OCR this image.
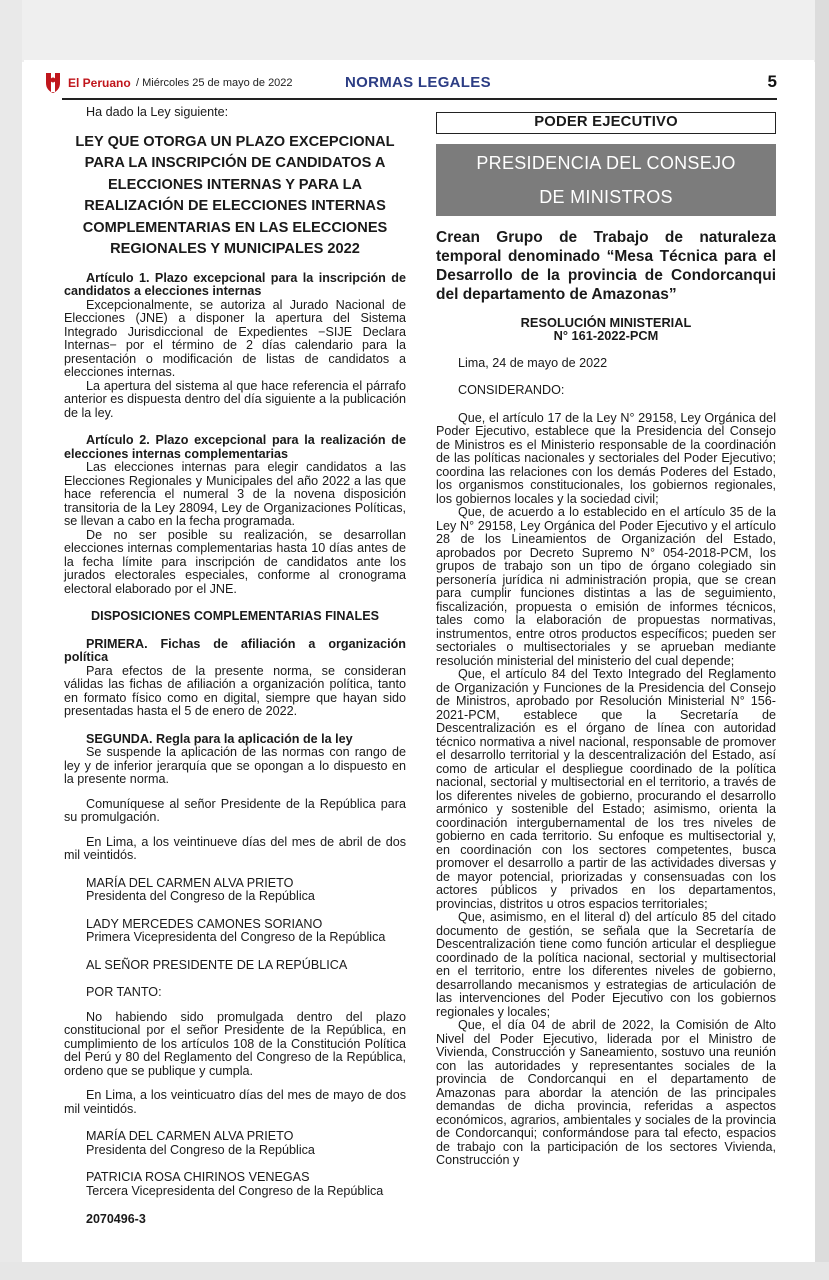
El Peruano / Miércoles 25 de mayo de 2022	NORMAS LEGALES	5

Ha dado la Ley siguiente:

LEY QUE OTORGA UN PLAZO EXCEPCIONAL PARA LA INSCRIPCIÓN DE CANDIDATOS A ELECCIONES INTERNAS Y PARA LA REALIZACIÓN DE ELECCIONES INTERNAS COMPLEMENTARIAS EN LAS ELECCIONES REGIONALES Y MUNICIPALES 2022

Artículo 1. Plazo excepcional para la inscripción de candidatos a elecciones internas

Excepcionalmente, se autoriza al Jurado Nacional de Elecciones (JNE) a disponer la apertura del Sistema Integrado Jurisdiccional de Expedientes −SIJE Declara Internas− por el término de 2 días calendario para la presentación o modificación de listas de candidatos a elecciones internas.

La apertura del sistema al que hace referencia el párrafo anterior es dispuesta dentro del día siguiente a la publicación de la ley.

Artículo 2. Plazo excepcional para la realización de elecciones internas complementarias

Las elecciones internas para elegir candidatos a las Elecciones Regionales y Municipales del año 2022 a las que hace referencia el numeral 3 de la novena disposición transitoria de la Ley 28094, Ley de Organizaciones Políticas, se llevan a cabo en la fecha programada.

De no ser posible su realización, se desarrollan elecciones internas complementarias hasta 10 días antes de la fecha límite para inscripción de candidatos ante los jurados electorales especiales, conforme al cronograma electoral elaborado por el JNE.

DISPOSICIONES COMPLEMENTARIAS FINALES

PRIMERA. Fichas de afiliación a organización política

Para efectos de la presente norma, se consideran válidas las fichas de afiliación a organización política, tanto en formato físico como en digital, siempre que hayan sido presentadas hasta el 5 de enero de 2022.

SEGUNDA. Regla para la aplicación de la ley

Se suspende la aplicación de las normas con rango de ley y de inferior jerarquía que se opongan a lo dispuesto en la presente norma.

Comuníquese al señor Presidente de la República para su promulgación.

En Lima, a los veintinueve días del mes de abril de dos mil veintidós.

MARÍA DEL CARMEN ALVA PRIETO

Presidenta del Congreso de la República

LADY MERCEDES CAMONES SORIANO

Primera Vicepresidenta del Congreso de la República

AL SEÑOR PRESIDENTE DE LA REPÚBLICA

POR TANTO:

No habiendo sido promulgada dentro del plazo constitucional por el señor Presidente de la República, en cumplimiento de los artículos 108 de la Constitución Política del Perú y 80 del Reglamento del Congreso de la República, ordeno que se publique y cumpla.

En Lima, a los veinticuatro días del mes de mayo de dos mil veintidós.

MARÍA DEL CARMEN ALVA PRIETO

Presidenta del Congreso de la República

PATRICIA ROSA CHIRINOS VENEGAS

Tercera Vicepresidenta del Congreso de la República

2070496-3

PODER EJECUTIVO
PRESIDENCIA DEL CONSEJO
DE MINISTROS

Crean Grupo de Trabajo de naturaleza temporal denominado “Mesa Técnica para el Desarrollo de la provincia de Condorcanqui del departamento de Amazonas”

RESOLUCIÓN MINISTERIAL

N° 161-2022-PCM

Lima, 24 de mayo de 2022

CONSIDERANDO:

Que, el artículo 17 de la Ley N° 29158, Ley Orgánica del Poder Ejecutivo, establece que la Presidencia del Consejo de Ministros es el Ministerio responsable de la coordinación de las políticas nacionales y sectoriales del Poder Ejecutivo; coordina las relaciones con los demás Poderes del Estado, los organismos constitucionales, los gobiernos regionales, los gobiernos locales y la sociedad civil;

Que, de acuerdo a lo establecido en el artículo 35 de la Ley N° 29158, Ley Orgánica del Poder Ejecutivo y el artículo 28 de los Lineamientos de Organización del Estado, aprobados por Decreto Supremo N° 054-2018-PCM, los grupos de trabajo son un tipo de órgano colegiado sin personería jurídica ni administración propia, que se crean para cumplir funciones distintas a las de seguimiento, fiscalización, propuesta o emisión de informes técnicos, tales como la elaboración de propuestas normativas, instrumentos, entre otros productos específicos; pueden ser sectoriales o multisectoriales y se aprueban mediante resolución ministerial del ministerio del cual depende;

Que, el artículo 84 del Texto Integrado del Reglamento de Organización y Funciones de la Presidencia del Consejo de Ministros, aprobado por Resolución Ministerial N° 156-2021-PCM, establece que la Secretaría de Descentralización es el órgano de línea con autoridad técnico normativa a nivel nacional, responsable de promover el desarrollo territorial y la descentralización del Estado, así como de articular el despliegue coordinado de la política nacional, sectorial y multisectorial en el territorio, a través de los diferentes niveles de gobierno, procurando el desarrollo armónico y sostenible del Estado; asimismo, orienta la coordinación intergubernamental de los tres niveles de gobierno en cada territorio. Su enfoque es multisectorial y, en coordinación con los sectores competentes, busca promover el desarrollo a partir de las actividades diversas y de mayor potencial, priorizadas y consensuadas con los actores públicos y privados en los departamentos, provincias, distritos u otros espacios territoriales;

Que, asimismo, en el literal d) del artículo 85 del citado documento de gestión, se señala que la Secretaría de Descentralización tiene como función articular el despliegue coordinado de la política nacional, sectorial y multisectorial en el territorio, entre los diferentes niveles de gobierno, desarrollando mecanismos y estrategias de articulación de las intervenciones del Poder Ejecutivo con los gobiernos regionales y locales;

Que, el día 04 de abril de 2022, la Comisión de Alto Nivel del Poder Ejecutivo, liderada por el Ministro de Vivienda, Construcción y Saneamiento, sostuvo una reunión con las autoridades y representantes sociales de la provincia de Condorcanqui en el departamento de Amazonas para abordar la atención de las principales demandas de dicha provincia, referidas a aspectos económicos, agrarios, ambientales y sociales de la provincia de Condorcanqui; conformándose para tal efecto, espacios de trabajo con la participación de los sectores Vivienda, Construcción y
